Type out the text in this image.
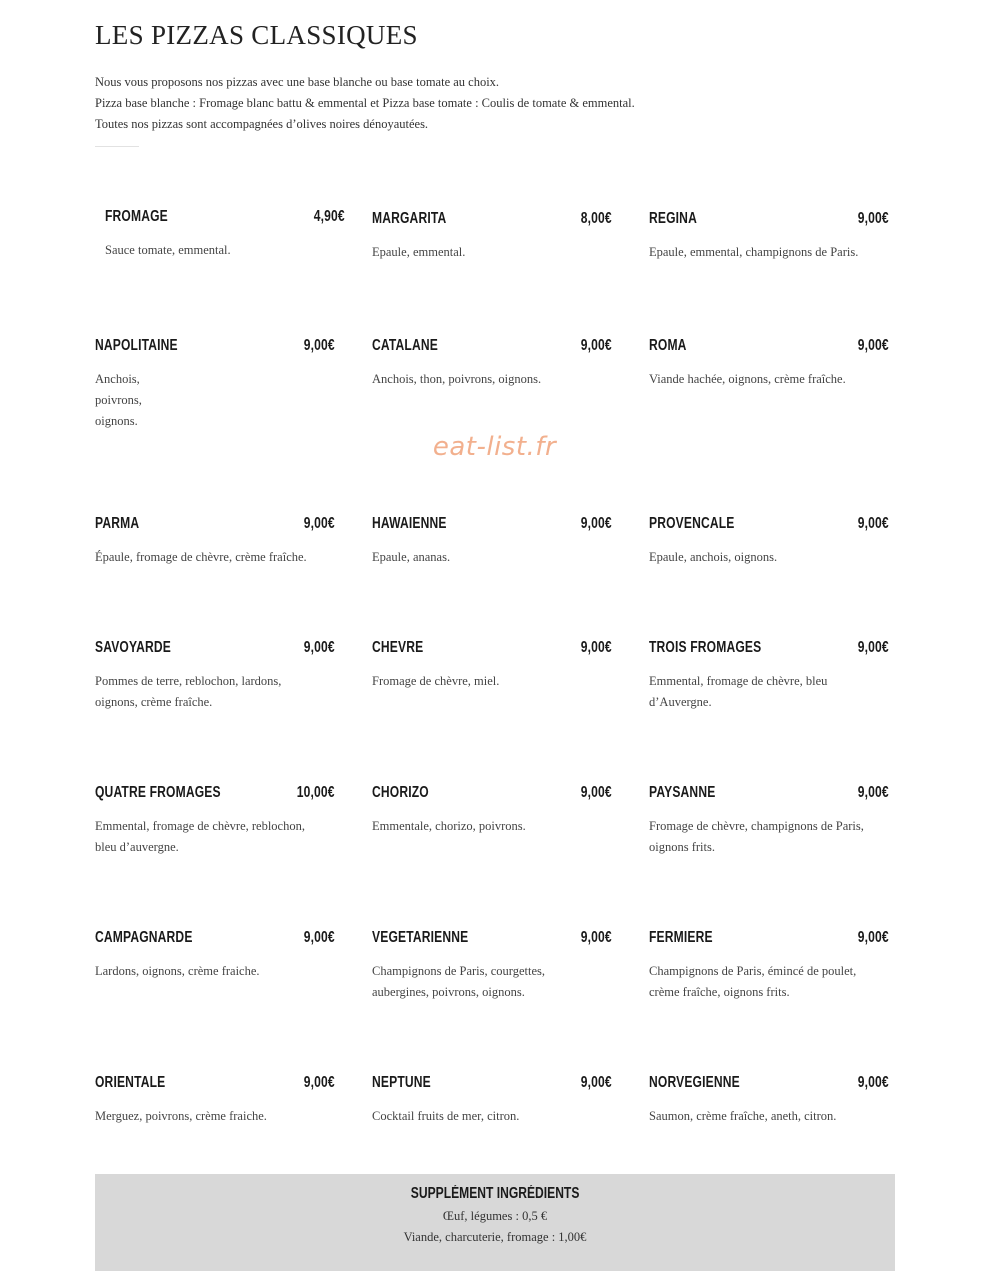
LES PIZZAS CLASSIQUES
Nous vous proposons nos pizzas avec une base blanche ou base tomate au choix.
Pizza base blanche : Fromage blanc battu & emmental et Pizza base tomate : Coulis de tomate & emmental.
Toutes nos pizzas sont accompagnées d’olives noires dénoyautées.
FROMAGE	4,90€
Sauce tomate, emmental.
MARGARITA	8,00€
Epaule, emmental.
REGINA	9,00€
Epaule, emmental, champignons de Paris.
NAPOLITAINE	9,00€
Anchois,
poivrons,
oignons.
CATALANE	9,00€
Anchois, thon, poivrons, oignons.
ROMA	9,00€
Viande hachée, oignons, crème fraîche.
PARMA	9,00€
Épaule, fromage de chèvre, crème fraîche.
HAWAIENNE	9,00€
Epaule, ananas.
PROVENCALE	9,00€
Epaule, anchois, oignons.
SAVOYARDE	9,00€
Pommes de terre, reblochon, lardons,
oignons, crème fraîche.
CHEVRE	9,00€
Fromage de chèvre, miel.
TROIS FROMAGES	9,00€
Emmental, fromage de chèvre, bleu
d’Auvergne.
QUATRE FROMAGES	10,00€
Emmental, fromage de chèvre, reblochon,
bleu d’auvergne.
CHORIZO	9,00€
Emmentale, chorizo, poivrons.
PAYSANNE	9,00€
Fromage de chèvre, champignons de Paris,
oignons frits.
CAMPAGNARDE	9,00€
Lardons, oignons, crème fraiche.
VEGETARIENNE	9,00€
Champignons de Paris, courgettes,
aubergines, poivrons, oignons.
FERMIERE	9,00€
Champignons de Paris, émincé de poulet,
crème fraîche, oignons frits.
ORIENTALE	9,00€
Merguez, poivrons, crème fraiche.
NEPTUNE	9,00€
Cocktail fruits de mer, citron.
NORVEGIENNE	9,00€
Saumon, crème fraîche, aneth, citron.
eat-list.fr
SUPPLÉMENT INGRÉDIENTS
Œuf, légumes : 0,5 €
Viande, charcuterie, fromage : 1,00€
